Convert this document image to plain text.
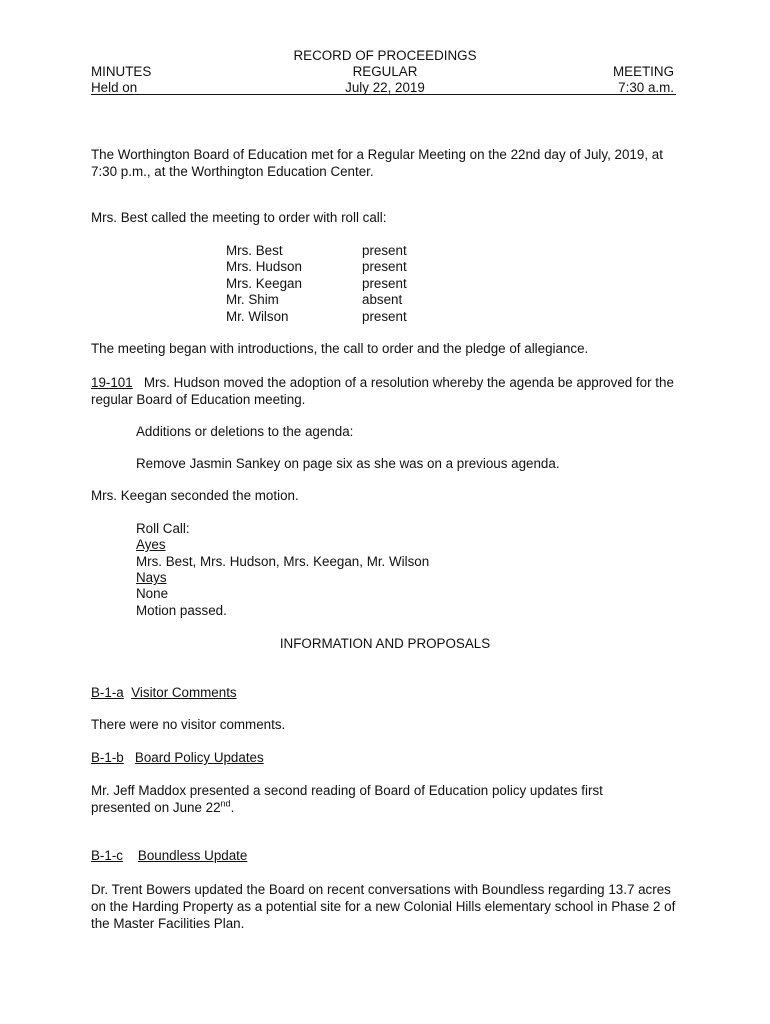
RECORD OF PROCEEDINGS
REGULAR
July 22, 2019
MINUTES
Held on
MEETING
7:30 a.m.
The Worthington Board of Education met for a Regular Meeting on the 22nd day of July, 2019, at 7:30 p.m., at the Worthington Education Center.
Mrs. Best called the meeting to order with roll call:
Mrs. Best	present
Mrs. Hudson	present
Mrs. Keegan	present
Mr. Shim	absent
Mr. Wilson	present
The meeting began with introductions, the call to order and the pledge of allegiance.
19-101 Mrs. Hudson moved the adoption of a resolution whereby the agenda be approved for the regular Board of Education meeting.
Additions or deletions to the agenda:
Remove Jasmin Sankey on page six as she was on a previous agenda.
Mrs. Keegan seconded the motion.
Roll Call:
Ayes
Mrs. Best, Mrs. Hudson, Mrs. Keegan, Mr. Wilson
Nays
None
Motion passed.
INFORMATION AND PROPOSALS
B-1-a Visitor Comments
There were no visitor comments.
B-1-b Board Policy Updates
Mr. Jeff Maddox presented a second reading of Board of Education policy updates first
presented on June 22nd.
B-1-c Boundless Update
Dr. Trent Bowers updated the Board on recent conversations with Boundless regarding 13.7 acres on the Harding Property as a potential site for a new Colonial Hills elementary school in Phase 2 of the Master Facilities Plan.
